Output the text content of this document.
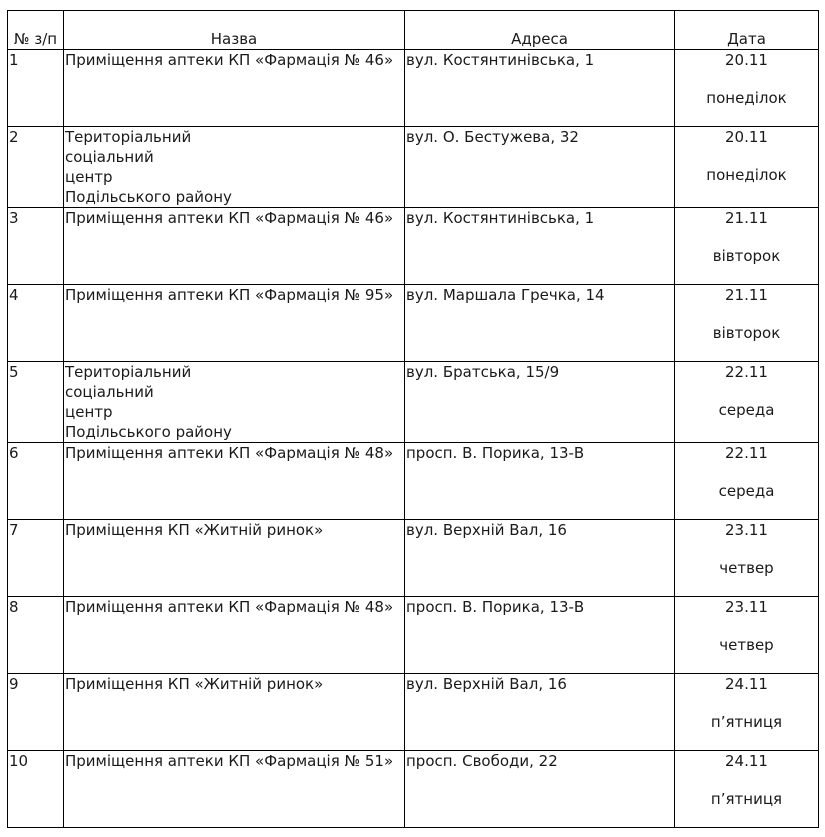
№ з/п	Назва	Адреса	Дата
1	Приміщення аптеки КП «Фармація № 46»	вул. Костянтинівська, 1	20.11
понеділок

2	Територіальний
соціальний
центр
Подільського району	вул. О. Бестужева, 32	20.11
понеділок

3	Приміщення аптеки КП «Фармація № 46»	вул. Костянтинівська, 1	21.11
вівторок

4	Приміщення аптеки КП «Фармація № 95»	вул. Маршала Гречка, 14	21.11
вівторок

5	Територіальний
соціальний
центр
Подільського району	вул. Братська, 15/9	22.11
середа

6	Приміщення аптеки КП «Фармація № 48»	просп. В. Порика, 13-В	22.11
середа

7	Приміщення КП «Житній ринок»	вул. Верхній Вал, 16	23.11
четвер

8	Приміщення аптеки КП «Фармація № 48»	просп. В. Порика, 13-В	23.11
четвер

9	Приміщення КП «Житній ринок»	вул. Верхній Вал, 16	24.11
п’ятниця

10	Приміщення аптеки КП «Фармація № 51»	просп. Свободи, 22	24.11
п’ятниця
